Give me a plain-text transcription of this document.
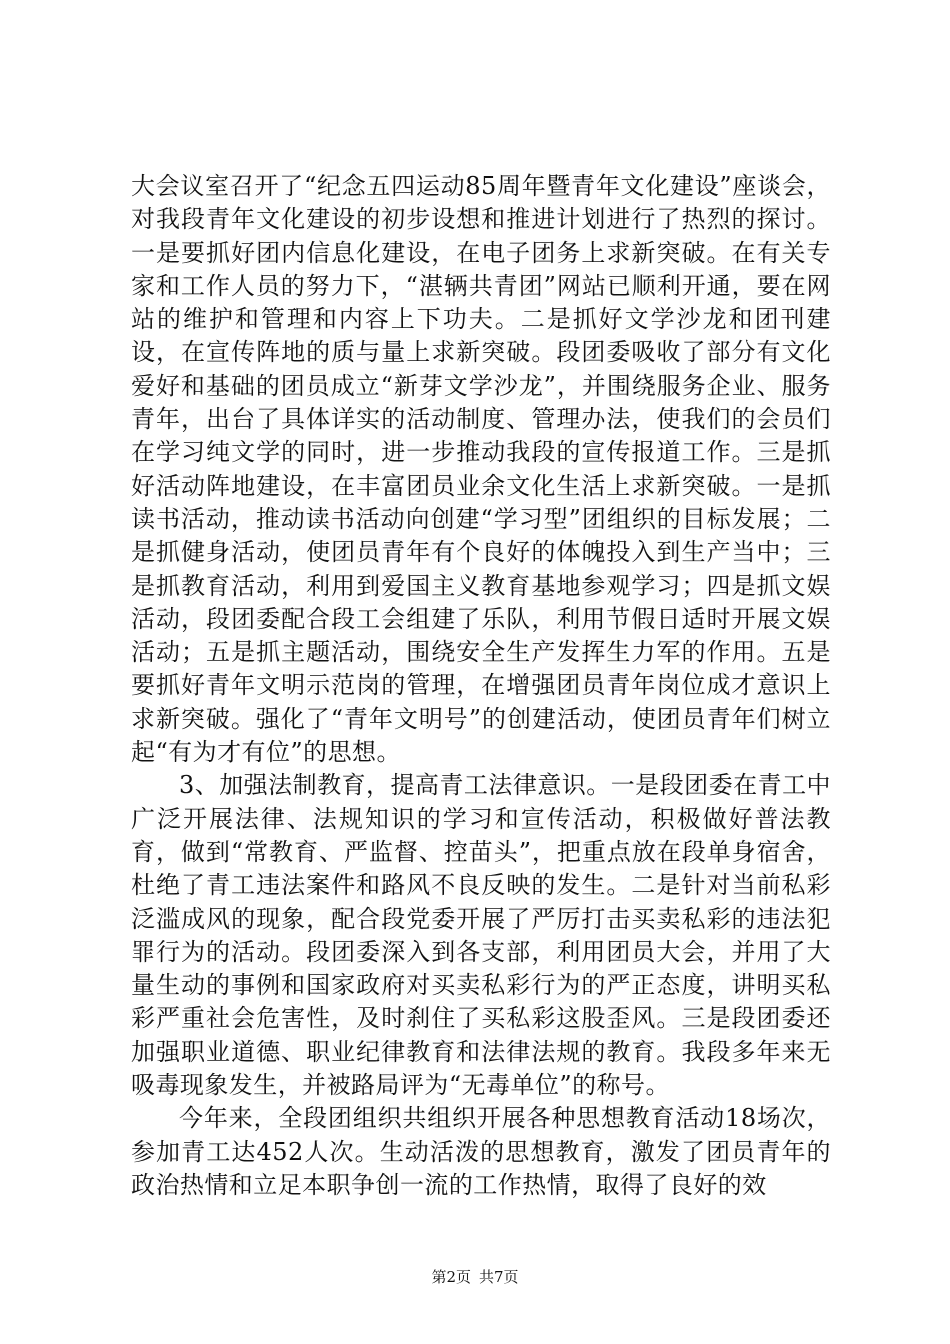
大会议室召开了“纪念五四运动85周年暨青年文化建设”座谈会，对我段青年文化建设的初步设想和推进计划进行了热烈的探讨。一是要抓好团内信息化建设，在电子团务上求新突破。在有关专家和工作人员的努力下，“湛辆共青团”网站已顺利开通，要在网站的维护和管理和内容上下功夫。二是抓好文学沙龙和团刊建设，在宣传阵地的质与量上求新突破。段团委吸收了部分有文化爱好和基础的团员成立“新芽文学沙龙”，并围绕服务企业、服务青年，出台了具体详实的活动制度、管理办法，使我们的会员们在学习纯文学的同时，进一步推动我段的宣传报道工作。三是抓好活动阵地建设，在丰富团员业余文化生活上求新突破。一是抓读书活动，推动读书活动向创建“学习型”团组织的目标发展；二是抓健身活动，使团员青年有个良好的体魄投入到生产当中；三是抓教育活动，利用到爱国主义教育基地参观学习；四是抓文娱活动，段团委配合段工会组建了乐队，利用节假日适时开展文娱活动；五是抓主题活动，围绕安全生产发挥生力军的作用。五是要抓好青年文明示范岗的管理，在增强团员青年岗位成才意识上求新突破。强化了“青年文明号”的创建活动，使团员青年们树立起“有为才有位”的思想。

3、加强法制教育，提高青工法律意识。一是段团委在青工中广泛开展法律、法规知识的学习和宣传活动，积极做好普法教育，做到“常教育、严监督、控苗头”，把重点放在段单身宿舍，杜绝了青工违法案件和路风不良反映的发生。二是针对当前私彩泛滥成风的现象，配合段党委开展了严厉打击买卖私彩的违法犯罪行为的活动。段团委深入到各支部，利用团员大会，并用了大量生动的事例和国家政府对买卖私彩行为的严正态度，讲明买私彩严重社会危害性，及时刹住了买私彩这股歪风。三是段团委还加强职业道德、职业纪律教育和法律法规的教育。我段多年来无吸毒现象发生，并被路局评为“无毒单位”的称号。

今年来，全段团组织共组织开展各种思想教育活动18场次，参加青工达452人次。生动活泼的思想教育，激发了团员青年的政治热情和立足本职争创一流的工作热情，取得了良好的效

第2页 共7页
